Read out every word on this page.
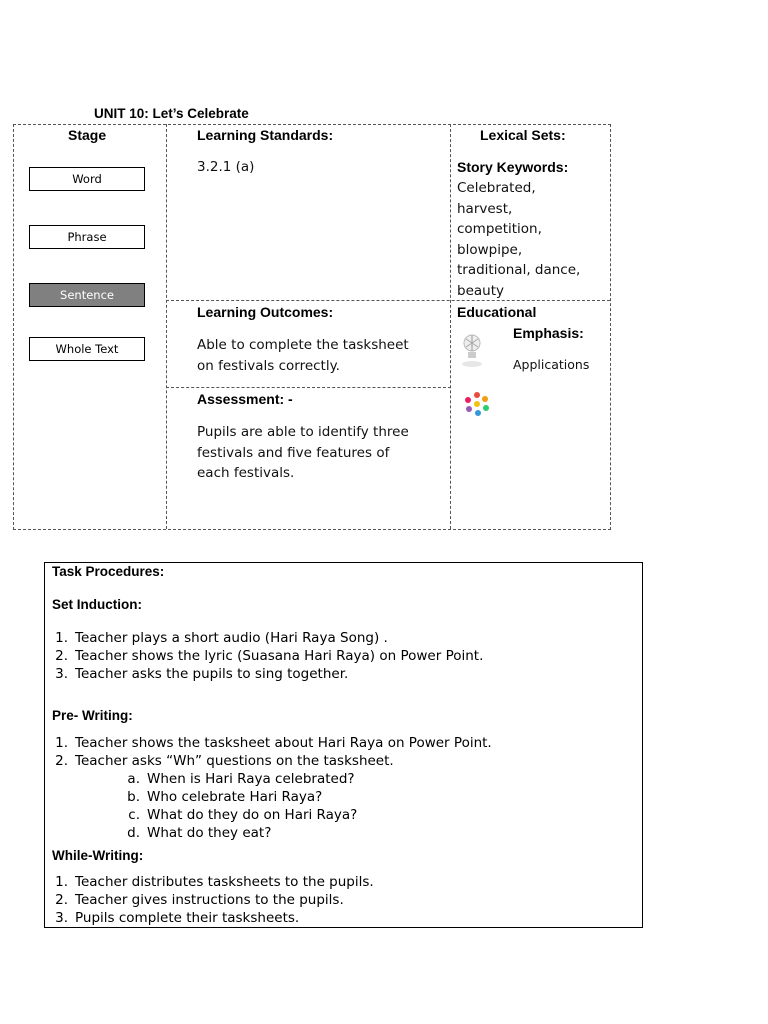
UNIT 10: Let’s Celebrate
Stage
Word
Phrase
Sentence
Whole Text
Learning Standards:
3.2.1 (a)
Lexical Sets:
Story Keywords:
Celebrated,
harvest,
competition,
blowpipe,
traditional, dance,
beauty
Learning Outcomes:
Able to complete the tasksheet
on festivals correctly.
Educational
Emphasis:
Applications
Assessment: -
Pupils are able to identify three
festivals and five features of
each festivals.
Task Procedures:
Set Induction:
1. Teacher plays a short audio (Hari Raya Song) .
2. Teacher shows the lyric (Suasana Hari Raya) on Power Point.
3. Teacher asks the pupils to sing together.
Pre- Writing:
1. Teacher shows the tasksheet about Hari Raya on Power Point.
2. Teacher asks “Wh” questions on the tasksheet.
a. When is Hari Raya celebrated?
b. Who celebrate Hari Raya?
c. What do they do on Hari Raya?
d. What do they eat?
While-Writing:
1. Teacher distributes tasksheets to the pupils.
2. Teacher gives instructions to the pupils.
3. Pupils complete their tasksheets.
